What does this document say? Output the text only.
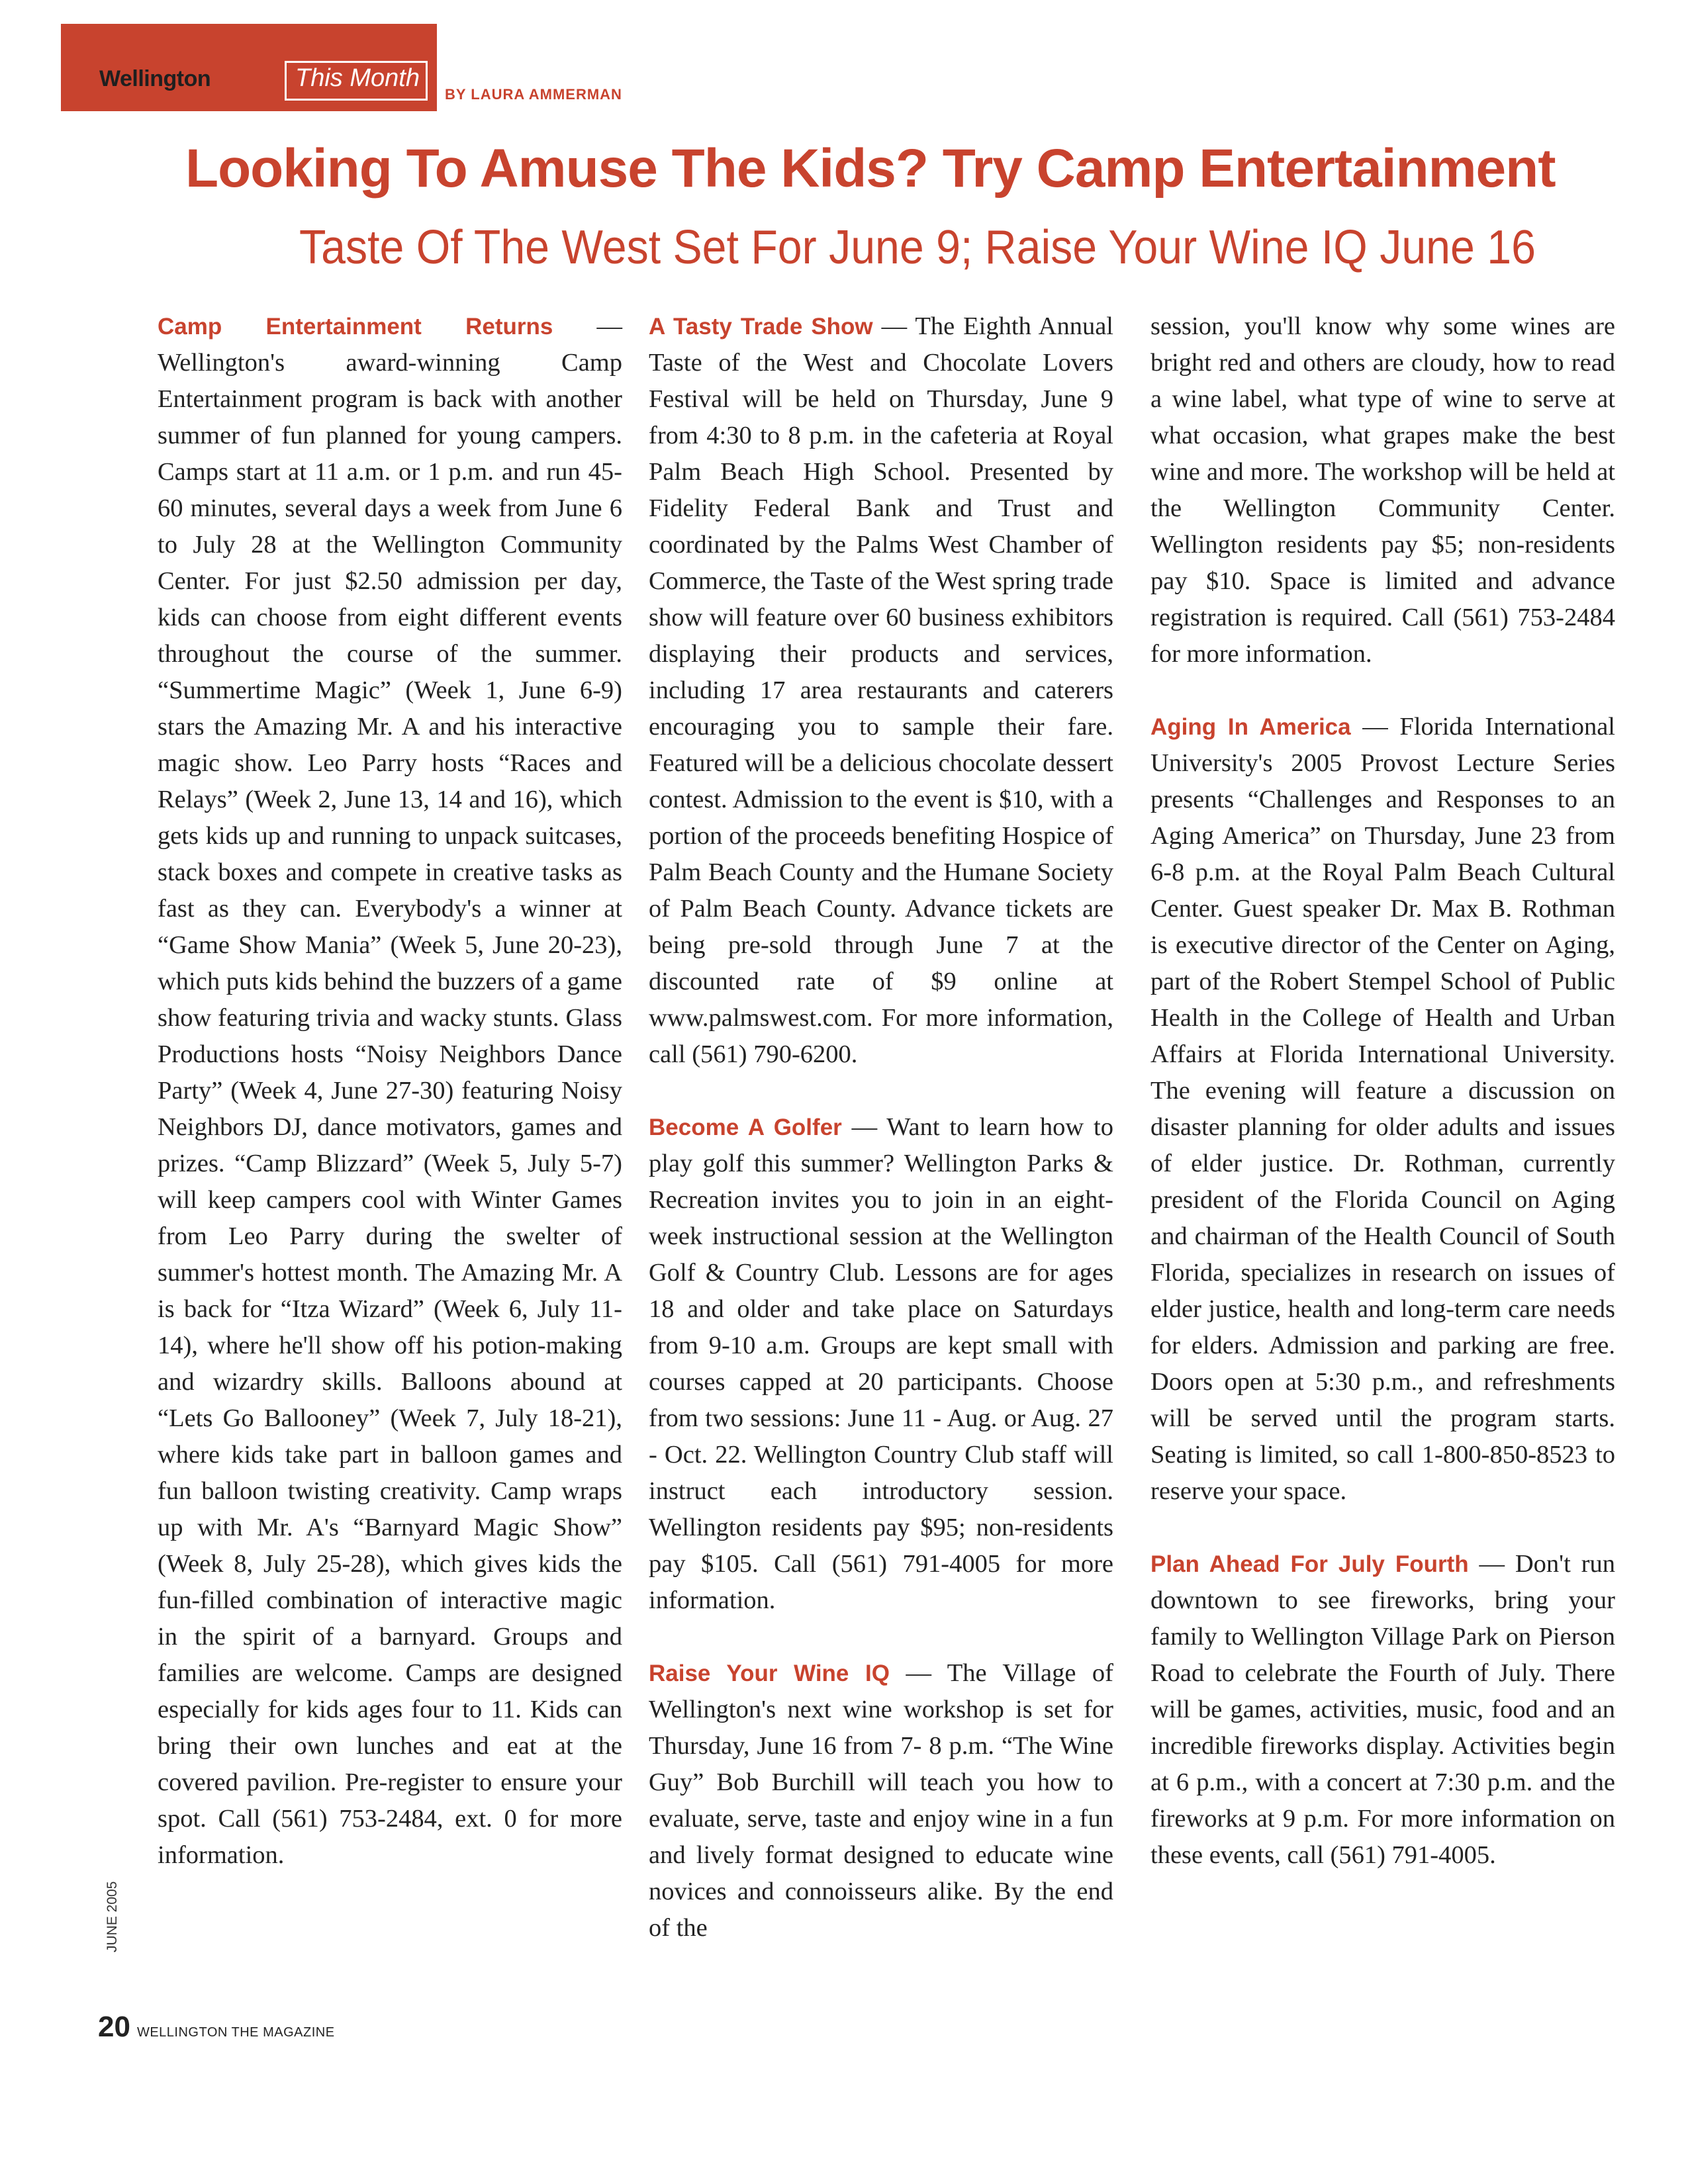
Wellington	This Month
BY LAURA AMMERMAN
Looking To Amuse The Kids? Try Camp Entertainment
Taste Of The West Set For June 9; Raise Your Wine IQ June 16

Camp Entertainment Returns — Wellington's award-winning Camp Entertainment program is back with another summer of fun planned for young campers. Camps start at 11 a.m. or 1 p.m. and run 45-60 minutes, several days a week from June 6 to July 28 at the Wellington Community Center. For just $2.50 admission per day, kids can choose from eight different events throughout the course of the summer. “Summertime Magic” (Week 1, June 6-9) stars the Amazing Mr. A and his interactive magic show. Leo Parry hosts “Races and Relays” (Week 2, June 13, 14 and 16), which gets kids up and running to unpack suitcases, stack boxes and compete in creative tasks as fast as they can. Everybody's a winner at “Game Show Mania” (Week 5, June 20-23), which puts kids behind the buzzers of a game show featuring trivia and wacky stunts. Glass Productions hosts “Noisy Neighbors Dance Party” (Week 4, June 27-30) featuring Noisy Neighbors DJ, dance motivators, games and prizes. “Camp Blizzard” (Week 5, July 5-7) will keep campers cool with Winter Games from Leo Parry during the swelter of summer's hottest month. The Amazing Mr. A is back for “Itza Wizard” (Week 6, July 11-14), where he'll show off his potion-making and wizardry skills. Balloons abound at “Lets Go Ballooney” (Week 7, July 18-21), where kids take part in balloon games and fun balloon twisting creativity. Camp wraps up with Mr. A's “Barnyard Magic Show” (Week 8, July 25-28), which gives kids the fun-filled combination of interactive magic in the spirit of a barnyard. Groups and families are welcome. Camps are designed especially for kids ages four to 11. Kids can bring their own lunches and eat at the covered pavilion. Pre-register to ensure your spot. Call (561) 753-2484, ext. 0 for more information.

A Tasty Trade Show — The Eighth Annual Taste of the West and Chocolate Lovers Festival will be held on Thursday, June 9 from 4:30 to 8 p.m. in the cafeteria at Royal Palm Beach High School. Presented by Fidelity Federal Bank and Trust and coordinated by the Palms West Chamber of Commerce, the Taste of the West spring trade show will feature over 60 business exhibitors displaying their products and services, including 17 area restaurants and caterers encouraging you to sample their fare. Featured will be a delicious chocolate dessert contest. Admission to the event is $10, with a portion of the proceeds benefiting Hospice of Palm Beach County and the Humane Society of Palm Beach County. Advance tickets are being pre-sold through June 7 at the discounted rate of $9 online at www.palmswest.com. For more information, call (561) 790-6200.

Become A Golfer — Want to learn how to play golf this summer? Wellington Parks & Recreation invites you to join in an eight-week instructional session at the Wellington Golf & Country Club. Lessons are for ages 18 and older and take place on Saturdays from 9-10 a.m. Groups are kept small with courses capped at 20 participants. Choose from two sessions: June 11 - Aug. or Aug. 27 - Oct. 22. Wellington Country Club staff will instruct each introductory session. Wellington residents pay $95; non-residents pay $105. Call (561) 791-4005 for more information.

Raise Your Wine IQ — The Village of Wellington's next wine workshop is set for Thursday, June 16 from 7- 8 p.m. “The Wine Guy” Bob Burchill will teach you how to evaluate, serve, taste and enjoy wine in a fun and lively format designed to educate wine novices and connoisseurs alike. By the end of the

session, you'll know why some wines are bright red and others are cloudy, how to read a wine label, what type of wine to serve at what occasion, what grapes make the best wine and more. The workshop will be held at the Wellington Community Center. Wellington residents pay $5; non-residents pay $10. Space is limited and advance registration is required. Call (561) 753-2484 for more information.

Aging In America — Florida International University's 2005 Provost Lecture Series presents “Challenges and Responses to an Aging America” on Thursday, June 23 from 6-8 p.m. at the Royal Palm Beach Cultural Center. Guest speaker Dr. Max B. Rothman is executive director of the Center on Aging, part of the Robert Stempel School of Public Health in the College of Health and Urban Affairs at Florida International University. The evening will feature a discussion on disaster planning for older adults and issues of elder justice. Dr. Rothman, currently president of the Florida Council on Aging and chairman of the Health Council of South Florida, specializes in research on issues of elder justice, health and long-term care needs for elders. Admission and parking are free. Doors open at 5:30 p.m., and refreshments will be served until the program starts. Seating is limited, so call 1-800-850-8523 to reserve your space.

Plan Ahead For July Fourth — Don't run downtown to see fireworks, bring your family to Wellington Village Park on Pierson Road to celebrate the Fourth of July. There will be games, activities, music, food and an incredible fireworks display. Activities begin at 6 p.m., with a concert at 7:30 p.m. and the fireworks at 9 p.m. For more information on these events, call (561) 791-4005.

JUNE 2005
20 WELLINGTON THE MAGAZINE
